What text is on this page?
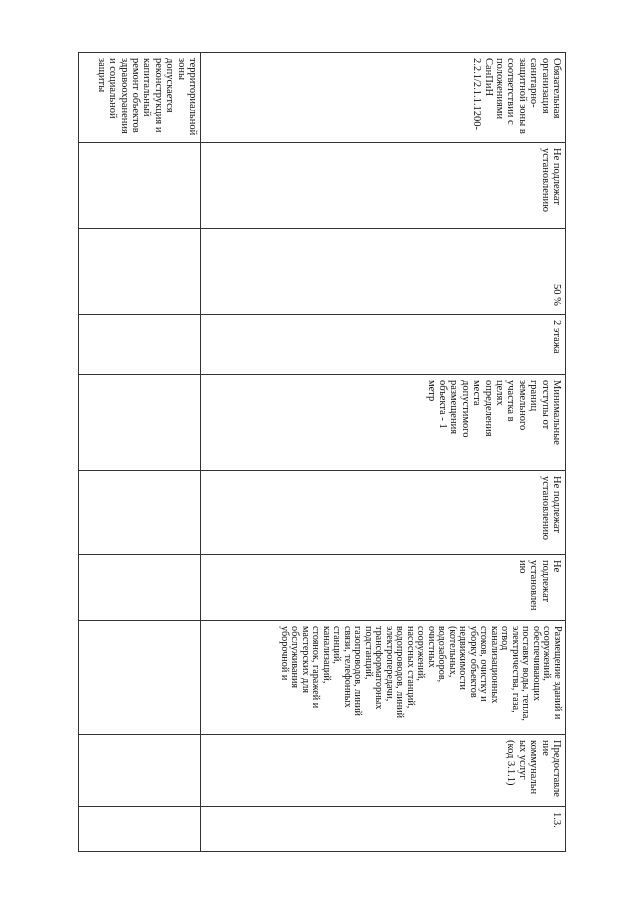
территориальной
зоны
допускается
реконструкция и
капитальный
ремонт объектов
здравоохранения
и социальной
защиты	Обязательная
организация
санитарно-
защитной зоны в
соответствии с
положениями
СанПиН
2.2.1/2.1.1.1200-
Не подлежат
установлению
50 %
2 этажа
Минимальные
отступы от
границ
земельного
участка в
целях
определения
места
допустимого
размещения
объекта - 1
метр
Не подлежат
установлению
Не
подлежат
установлен
ию
Размещение зданий и
сооружений,
обеспечивающих
поставку воды, тепла,
электричества, газа,
отвод
канализационных
стоков, очистку и
уборку объектов
недвижимости
(котельных,
водозаборов,
очистных
сооружений,
насосных станций,
водопроводов, линий
электропередачи,
трансформаторных
подстанций,
газопроводов, линий
связи, телефонных
станций,
канализаций,
стоянок, гаражей и
мастерских для
обслуживания
уборочной и
Предоставле
ние
коммунальн
ых услуг
(код 3.1.1)
1.3.
